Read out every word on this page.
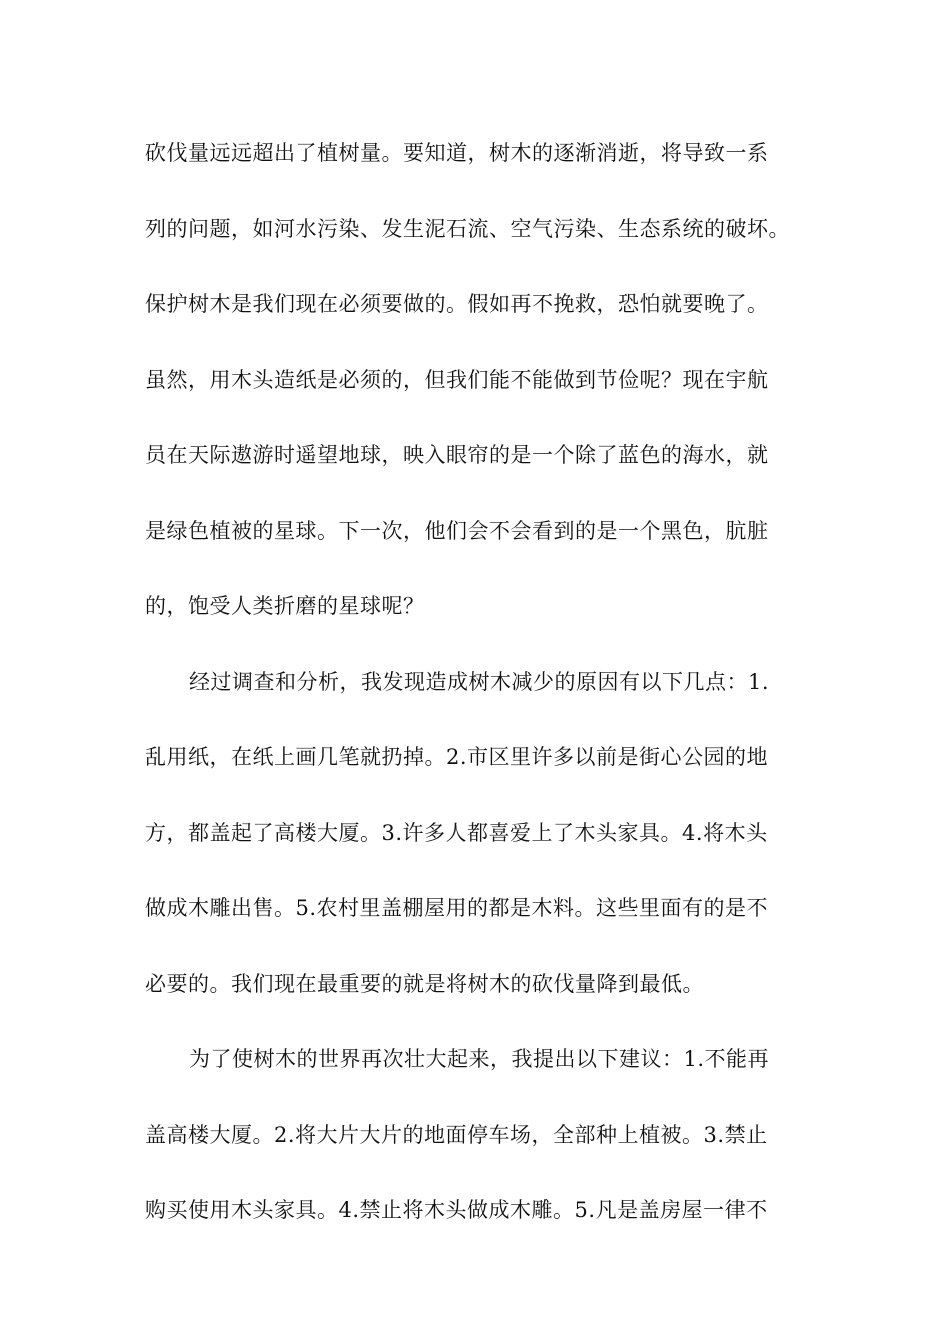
砍伐量远远超出了植树量。要知道，树木的逐渐消逝，将导致一系
列的问题，如河水污染、发生泥石流、空气污染、生态系统的破坏。
保护树木是我们现在必须要做的。假如再不挽救，恐怕就要晚了。
虽然，用木头造纸是必须的，但我们能不能做到节俭呢？现在宇航
员在天际遨游时遥望地球，映入眼帘的是一个除了蓝色的海水，就
是绿色植被的星球。下一次，他们会不会看到的是一个黑色，肮脏
的，饱受人类折磨的星球呢？
经过调查和分析，我发现造成树木减少的原因有以下几点：1.
乱用纸，在纸上画几笔就扔掉。2.市区里许多以前是街心公园的地
方，都盖起了高楼大厦。3.许多人都喜爱上了木头家具。4.将木头
做成木雕出售。5.农村里盖棚屋用的都是木料。这些里面有的是不
必要的。我们现在最重要的就是将树木的砍伐量降到最低。
为了使树木的世界再次壮大起来，我提出以下建议：1.不能再
盖高楼大厦。2.将大片大片的地面停车场，全部种上植被。3.禁止
购买使用木头家具。4.禁止将木头做成木雕。5.凡是盖房屋一律不
